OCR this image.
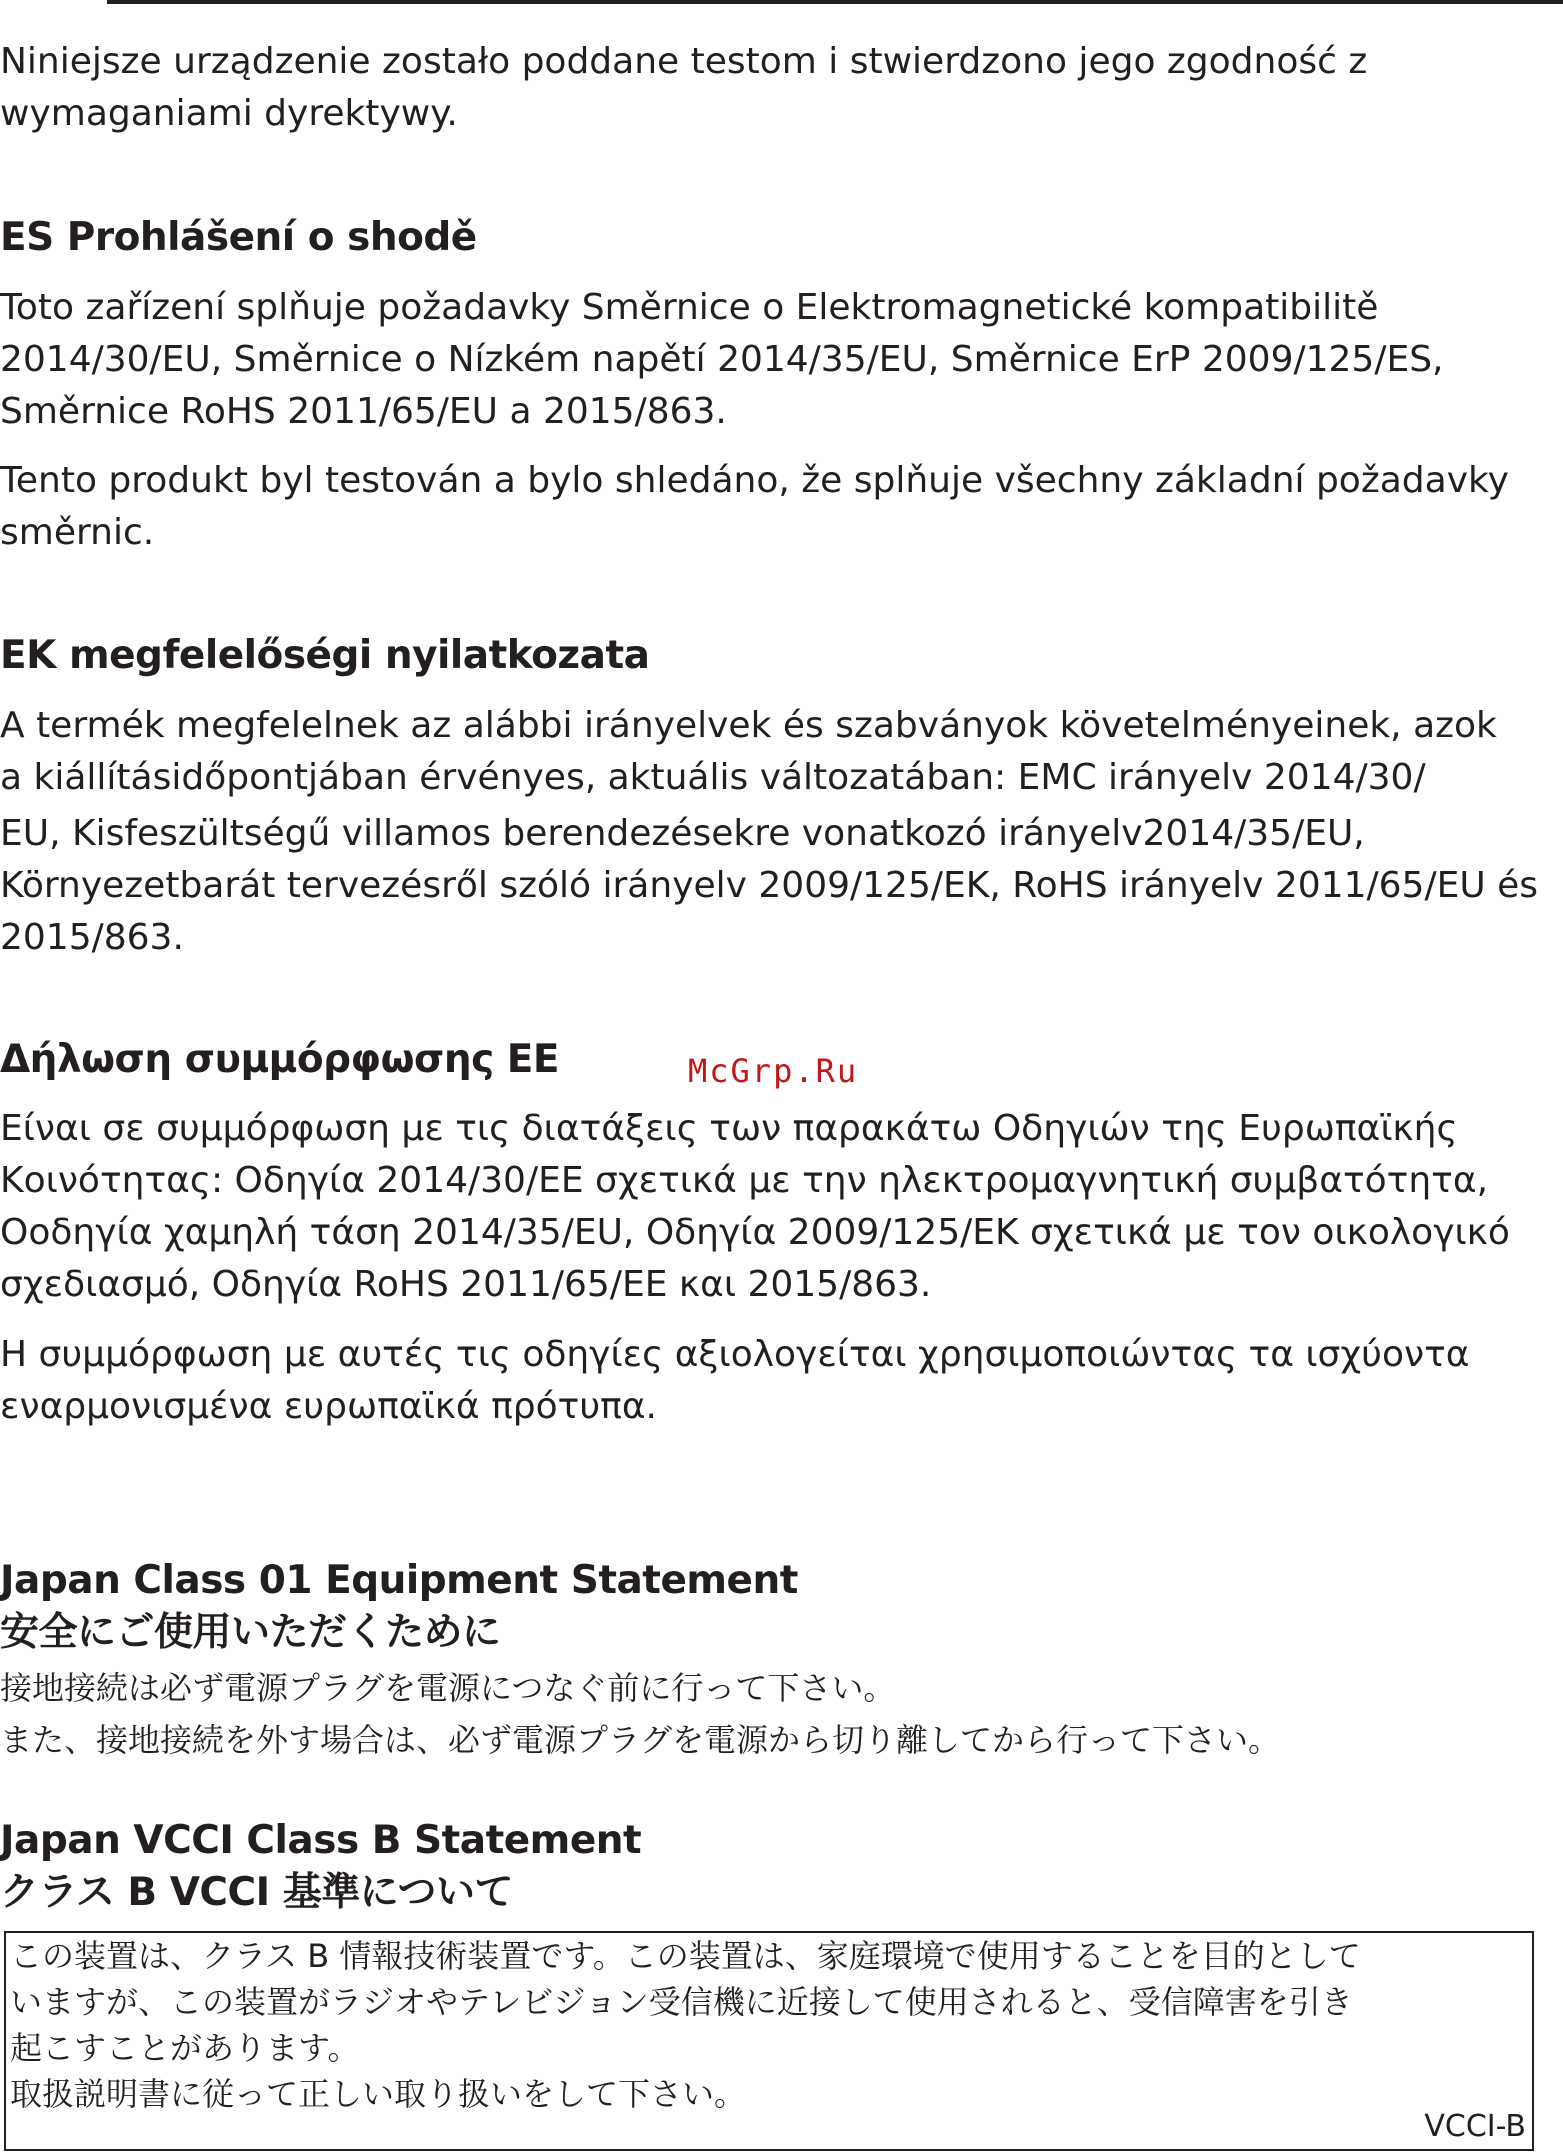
Niniejsze urządzenie zostało poddane testom i stwierdzono jego zgodność z

wymaganiami dyrektywy.

ES Prohlášení o shodě

Toto zařízení splňuje požadavky Směrnice o Elektromagnetické kompatibilitě

2014/30/EU, Směrnice o Nízkém napětí 2014/35/EU, Směrnice ErP 2009/125/ES,

Směrnice RoHS 2011/65/EU a 2015/863.

Tento produkt byl testován a bylo shledáno, že splňuje všechny základní požadavky

směrnic.

EK megfelelőségi nyilatkozata

A termék megfelelnek az alábbi irányelvek és szabványok követelményeinek, azok

a kiállításidőpontjában érvényes, aktuális változatában: EMC irányelv 2014/30/

EU, Kisfeszültségű villamos berendezésekre vonatkozó irányelv2014/35/EU,

Környezetbarát tervezésről szóló irányelv 2009/125/EK, RoHS irányelv 2011/65/EU és

2015/863.

Δήλωση συμμόρφωσης ΕΕ	McGrp.Ru

Είναι σε συμμόρφωση με τις διατάξεις των παρακάτω Οδηγιών της Ευρωπαϊκής

Κοινότητας: Οδηγία 2014/30/ΕΕ σχετικά με την ηλεκτρομαγνητική συμβατότητα,

Οοδηγία χαμηλή τάση 2014/35/EU, Οδηγία 2009/125/ΕΚ σχετικά με τον οικολογικό

σχεδιασμό, Οδηγία RoHS 2011/65/ΕΕ και 2015/863.

Η συμμόρφωση με αυτές τις οδηγίες αξιολογείται χρησιμοποιώντας τα ισχύοντα

εναρμονισμένα ευρωπαϊκά πρότυπα.

Japan Class 01 Equipment Statement
安全にご使用いただくために

接地接続は必ず電源プラグを電源につなぐ前に行って下さい。

また、接地接続を外す場合は、必ず電源プラグを電源から切り離してから行って下さい。

Japan VCCI Class B Statement
クラス B VCCI 基準について

この装置は、クラス B 情報技術装置です。この装置は、家庭環境で使用することを目的として

いますが、この装置がラジオやテレビジョン受信機に近接して使用されると、受信障害を引き

起こすことがあります。

取扱説明書に従って正しい取り扱いをして下さい。

VCCI-B
